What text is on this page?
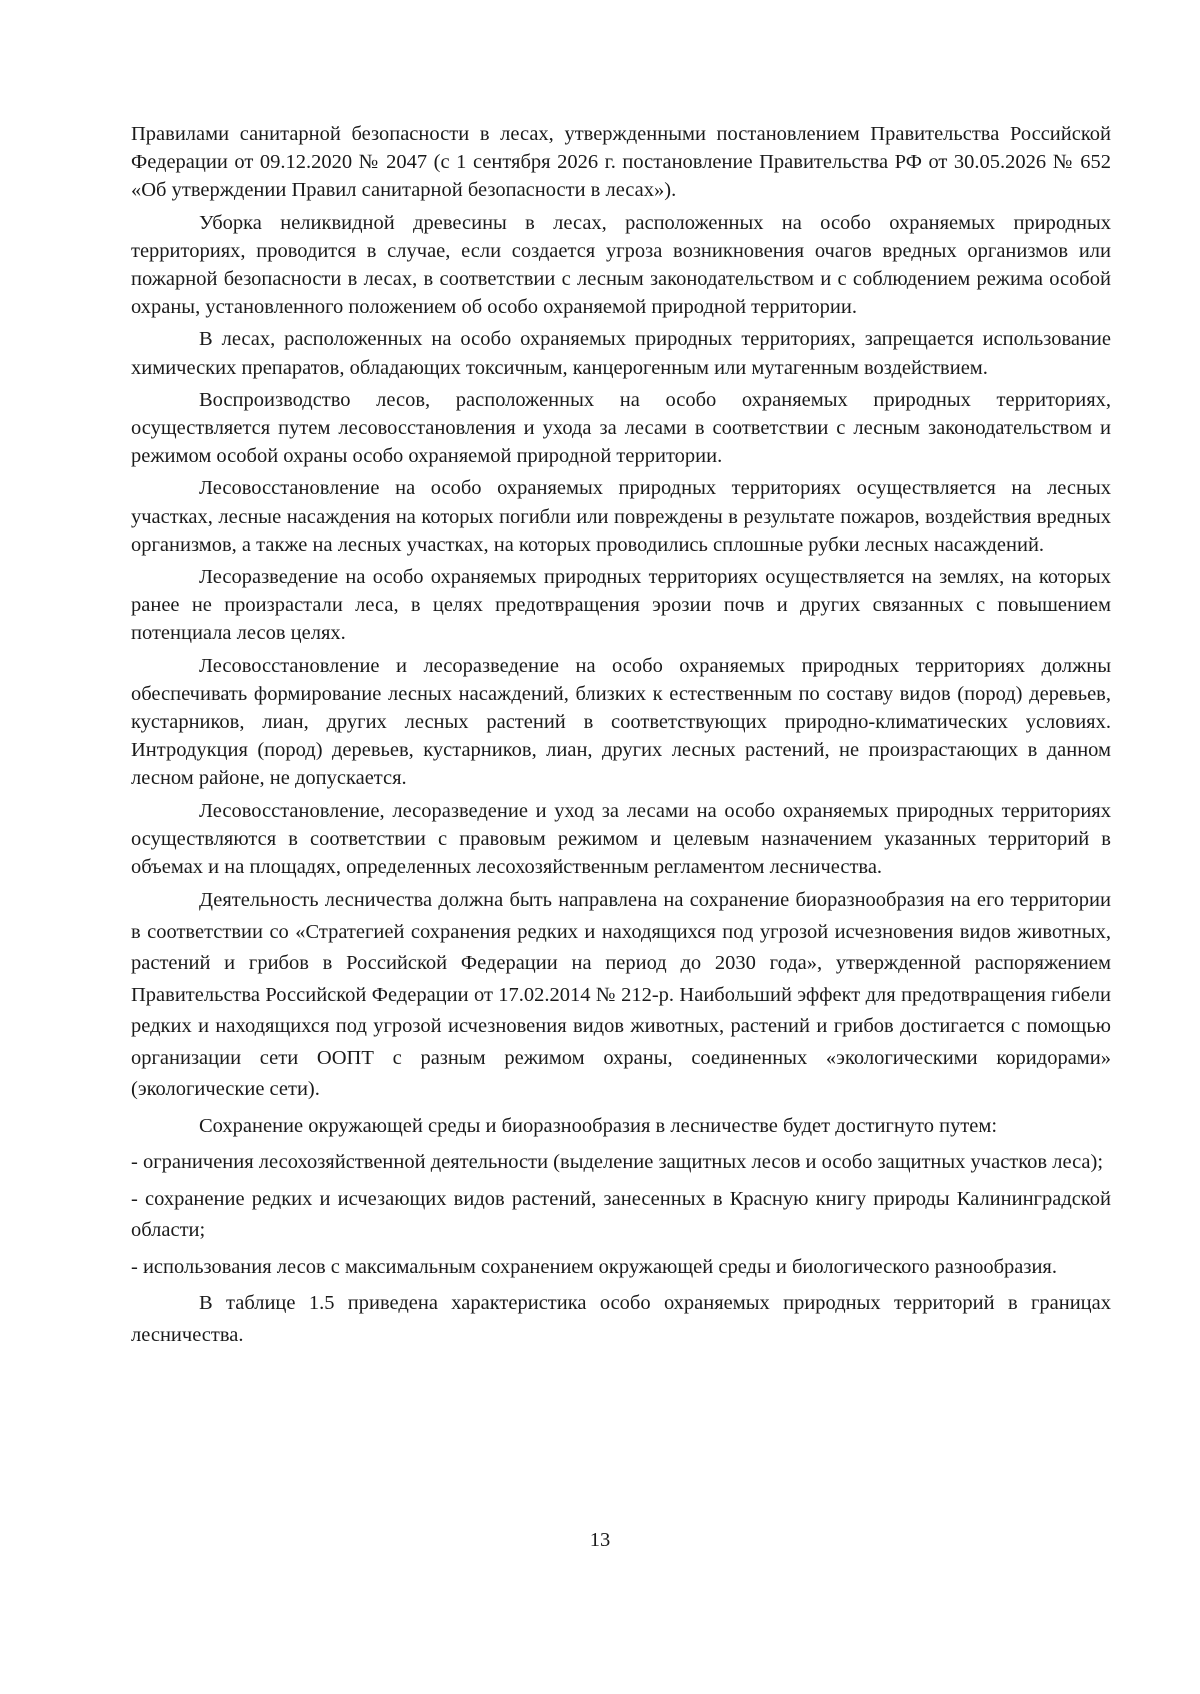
Правилами санитарной безопасности в лесах, утвержденными постановлением Правительства Российской Федерации от 09.12.2020 № 2047 (с 1 сентября 2026 г. постановление Правительства РФ от 30.05.2026 № 652 «Об утверждении Правил санитарной безопасности в лесах»).

Уборка неликвидной древесины в лесах, расположенных на особо охраняемых природных территориях, проводится в случае, если создается угроза возникновения очагов вредных организмов или пожарной безопасности в лесах, в соответствии с лесным законодательством и с соблюдением режима особой охраны, установленного положением об особо охраняемой природной территории.

В лесах, расположенных на особо охраняемых природных территориях, запрещается использование химических препаратов, обладающих токсичным, канцерогенным или мутагенным воздействием.

Воспроизводство лесов, расположенных на особо охраняемых природных территориях, осуществляется путем лесовосстановления и ухода за лесами в соответствии с лесным законодательством и режимом особой охраны особо охраняемой природной территории.

Лесовосстановление на особо охраняемых природных территориях осуществляется на лесных участках, лесные насаждения на которых погибли или повреждены в результате пожаров, воздействия вредных организмов, а также на лесных участках, на которых проводились сплошные рубки лесных насаждений.

Лесоразведение на особо охраняемых природных территориях осуществляется на землях, на которых ранее не произрастали леса, в целях предотвращения эрозии почв и других связанных с повышением потенциала лесов целях.

Лесовосстановление и лесоразведение на особо охраняемых природных территориях должны обеспечивать формирование лесных насаждений, близких к естественным по составу видов (пород) деревьев, кустарников, лиан, других лесных растений в соответствующих природно-климатических условиях. Интродукция (пород) деревьев, кустарников, лиан, других лесных растений, не произрастающих в данном лесном районе, не допускается.

Лесовосстановление, лесоразведение и уход за лесами на особо охраняемых природных территориях осуществляются в соответствии с правовым режимом и целевым назначением указанных территорий в объемах и на площадях, определенных лесохозяйственным регламентом лесничества.

Деятельность лесничества должна быть направлена на сохранение биоразнообразия на его территории в соответствии со «Стратегией сохранения редких и находящихся под угрозой исчезновения видов животных, растений и грибов в Российской Федерации на период до 2030 года», утвержденной распоряжением Правительства Российской Федерации от 17.02.2014 № 212-р. Наибольший эффект для предотвращения гибели редких и находящихся под угрозой исчезновения видов животных, растений и грибов достигается с помощью организации сети ООПТ с разным режимом охраны, соединенных «экологическими коридорами» (экологические сети).

Сохранение окружающей среды и биоразнообразия в лесничестве будет достигнуто путем:

- ограничения лесохозяйственной деятельности (выделение защитных лесов и особо защитных участков леса);

- сохранение редких и исчезающих видов растений, занесенных в Красную книгу природы Калининградской области;

- использования лесов с максимальным сохранением окружающей среды и биологического разнообразия.

В таблице 1.5 приведена характеристика особо охраняемых природных территорий в границах лесничества.

13
